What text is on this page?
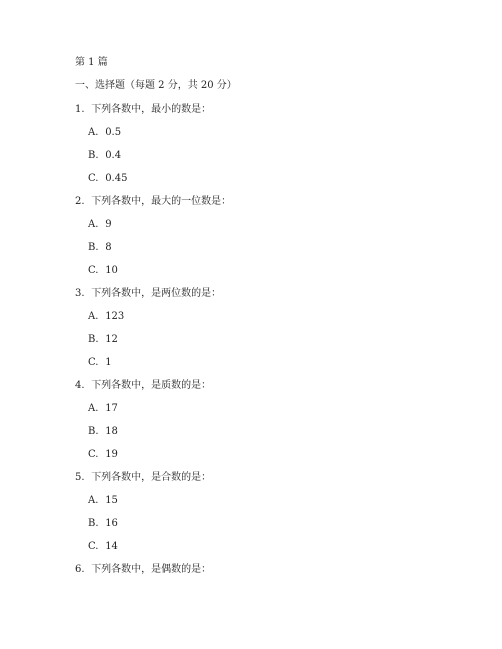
第 1 篇
一、选择题（每题 2 分，共 20 分）
1. 下列各数中，最小的数是：
A. 0.5
B. 0.4
C. 0.45
2. 下列各数中，最大的一位数是：
A. 9
B. 8
C. 10
3. 下列各数中，是两位数的是：
A. 123
B. 12
C. 1
4. 下列各数中，是质数的是：
A. 17
B. 18
C. 19
5. 下列各数中，是合数的是：
A. 15
B. 16
C. 14
6. 下列各数中，是偶数的是：
